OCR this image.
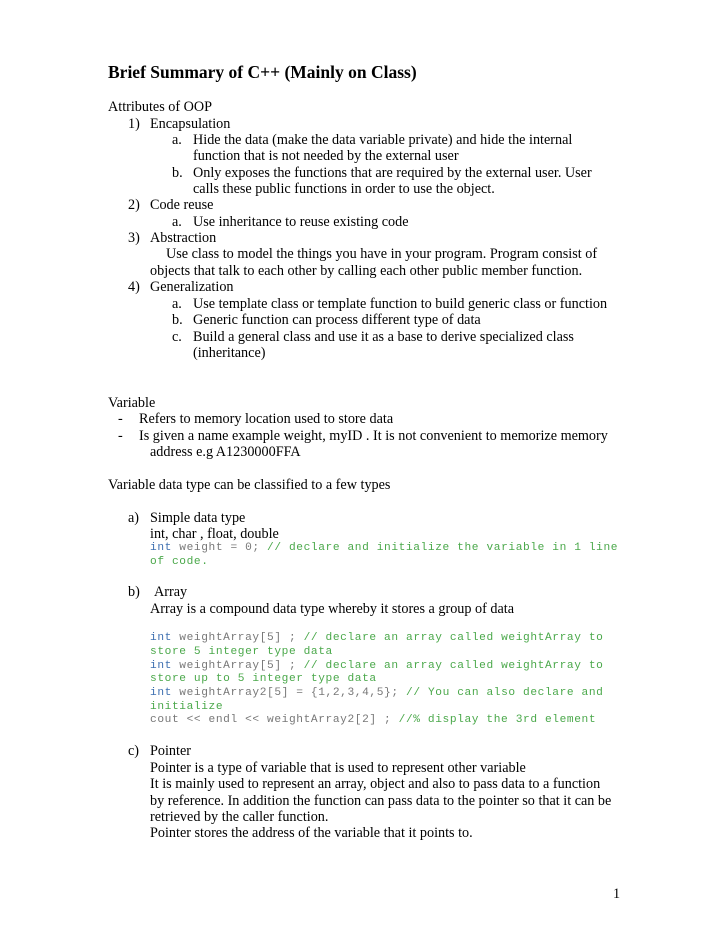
Brief Summary of C++ (Mainly on Class)
Attributes of OOP
1) Encapsulation
a. Hide the data (make the data variable private) and hide the internal
function that is not needed by the external user
b. Only exposes the functions that are required by the external user. User
calls these public functions in order to use the object.
2) Code reuse
a. Use inheritance to reuse existing code
3) Abstraction
Use class to model the things you have in your program. Program consist of
objects that talk to each other by calling each other public member function.
4) Generalization
a. Use template class or template function to build generic class or function
b. Generic function can process different type of data
c. Build a general class and use it as a base to derive specialized class
(inheritance)
Variable
- Refers to memory location used to store data
- Is given a name example weight, myID . It is not convenient to memorize memory
address e.g A1230000FFA
Variable data type can be classified to a few types
a) Simple data type
int, char , float, double
int weight = 0; // declare and initialize the variable in 1 line
of code.
b) Array
Array is a compound data type whereby it stores a group of data
int weightArray[5] ; // declare an array called weightArray to
store 5 integer type data
int weightArray[5] ; // declare an array called weightArray to
store up to 5 integer type data
int weightArray2[5] = {1,2,3,4,5}; // You can also declare and
initialize
cout << endl << weightArray2[2] ; //% display the 3rd element
c) Pointer
Pointer is a type of variable that is used to represent other variable
It is mainly used to represent an array, object and also to pass data to a function
by reference. In addition the function can pass data to the pointer so that it can be
retrieved by the caller function.
Pointer stores the address of the variable that it points to.
1
